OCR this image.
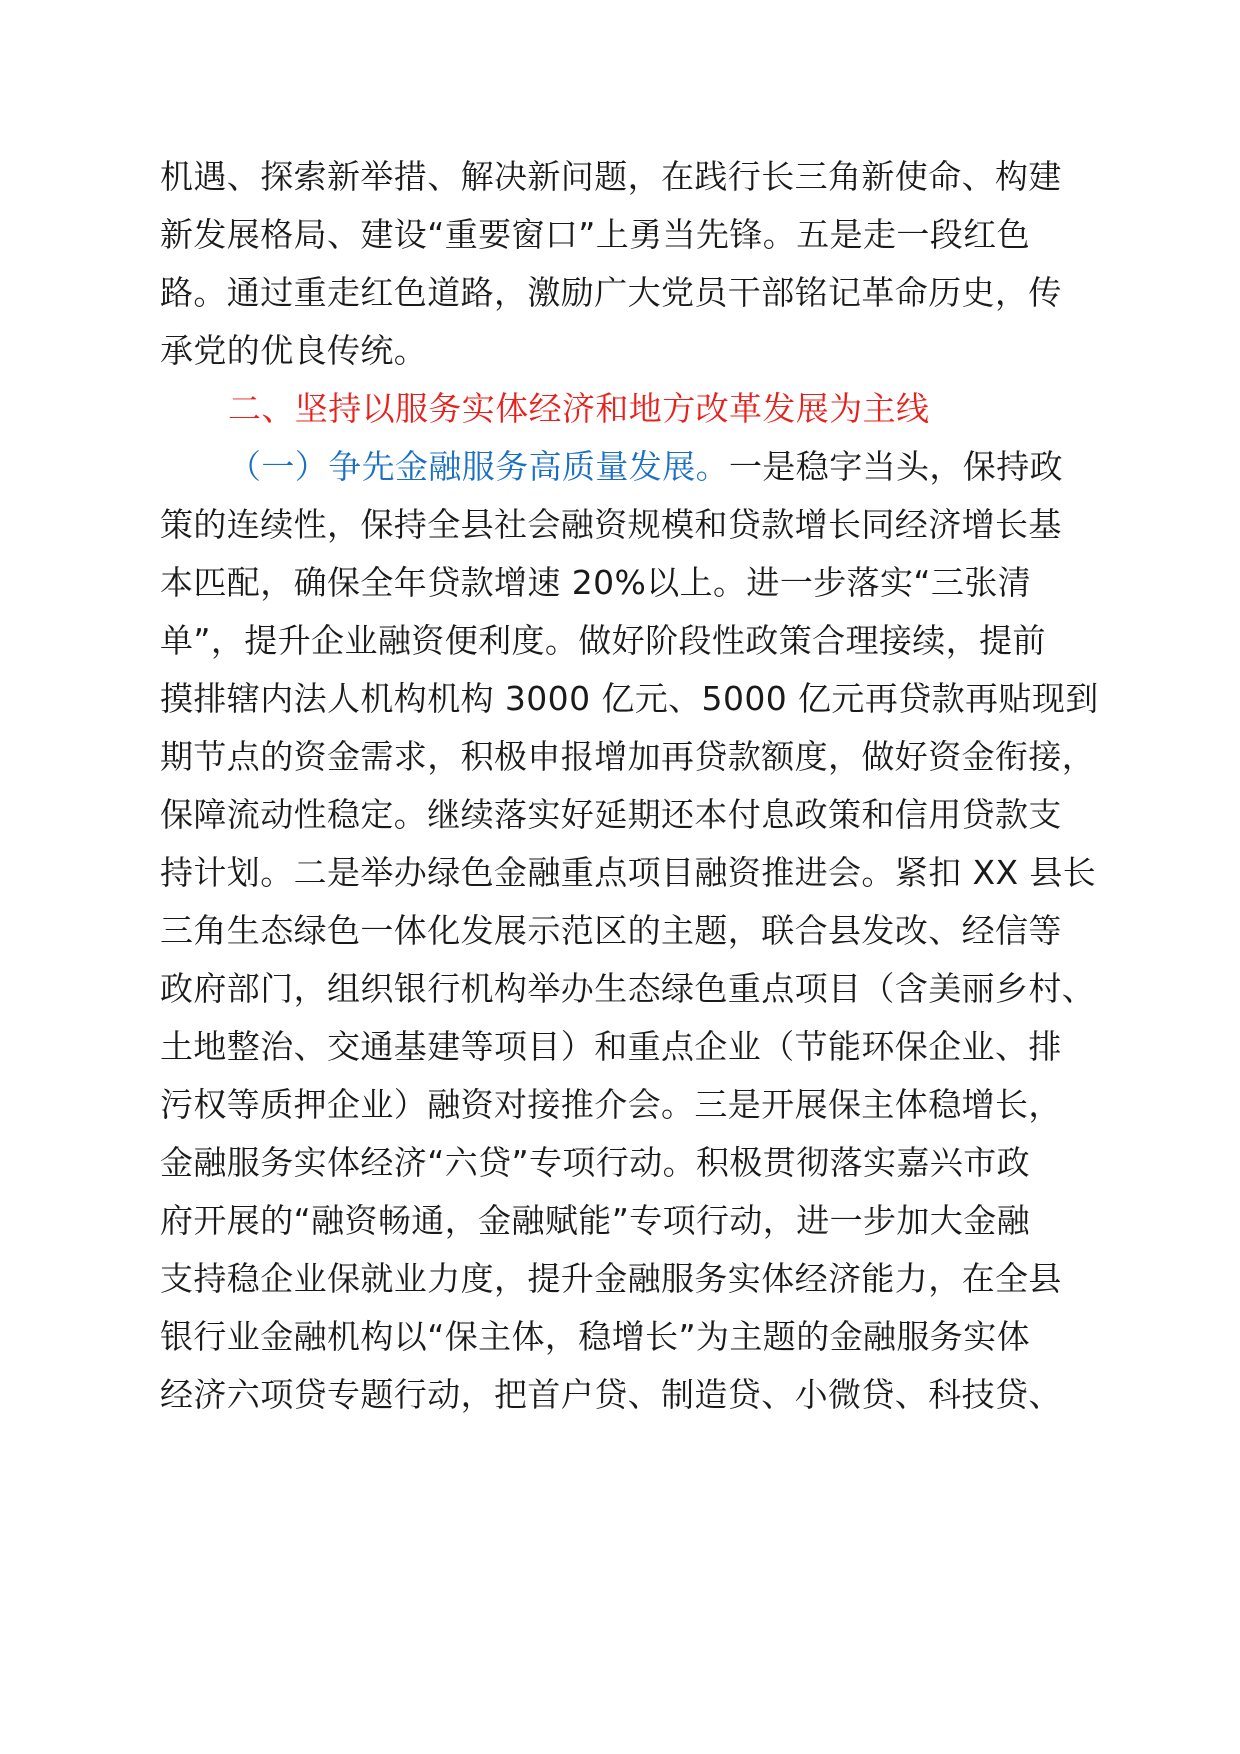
机遇、探索新举措、解决新问题，在践行长三角新使命、构建
新发展格局、建设“重要窗口”上勇当先锋。五是走一段红色
路。通过重走红色道路，激励广大党员干部铭记革命历史，传
承党的优良传统。
二、坚持以服务实体经济和地方改革发展为主线
（一）争先金融服务高质量发展。一是稳字当头，保持政
策的连续性，保持全县社会融资规模和贷款增长同经济增长基
本匹配，确保全年贷款增速 20%以上。进一步落实“三张清
单”，提升企业融资便利度。做好阶段性政策合理接续，提前
摸排辖内法人机构机构 3000 亿元、5000 亿元再贷款再贴现到
期节点的资金需求，积极申报增加再贷款额度，做好资金衔接，
保障流动性稳定。继续落实好延期还本付息政策和信用贷款支
持计划。二是举办绿色金融重点项目融资推进会。紧扣 XX 县长
三角生态绿色一体化发展示范区的主题，联合县发改、经信等
政府部门，组织银行机构举办生态绿色重点项目（含美丽乡村、
土地整治、交通基建等项目）和重点企业（节能环保企业、排
污权等质押企业）融资对接推介会。三是开展保主体稳增长，
金融服务实体经济“六贷”专项行动。积极贯彻落实嘉兴市政
府开展的“融资畅通，金融赋能”专项行动，进一步加大金融
支持稳企业保就业力度，提升金融服务实体经济能力，在全县
银行业金融机构以“保主体，稳增长”为主题的金融服务实体
经济六项贷专题行动，把首户贷、制造贷、小微贷、科技贷、
